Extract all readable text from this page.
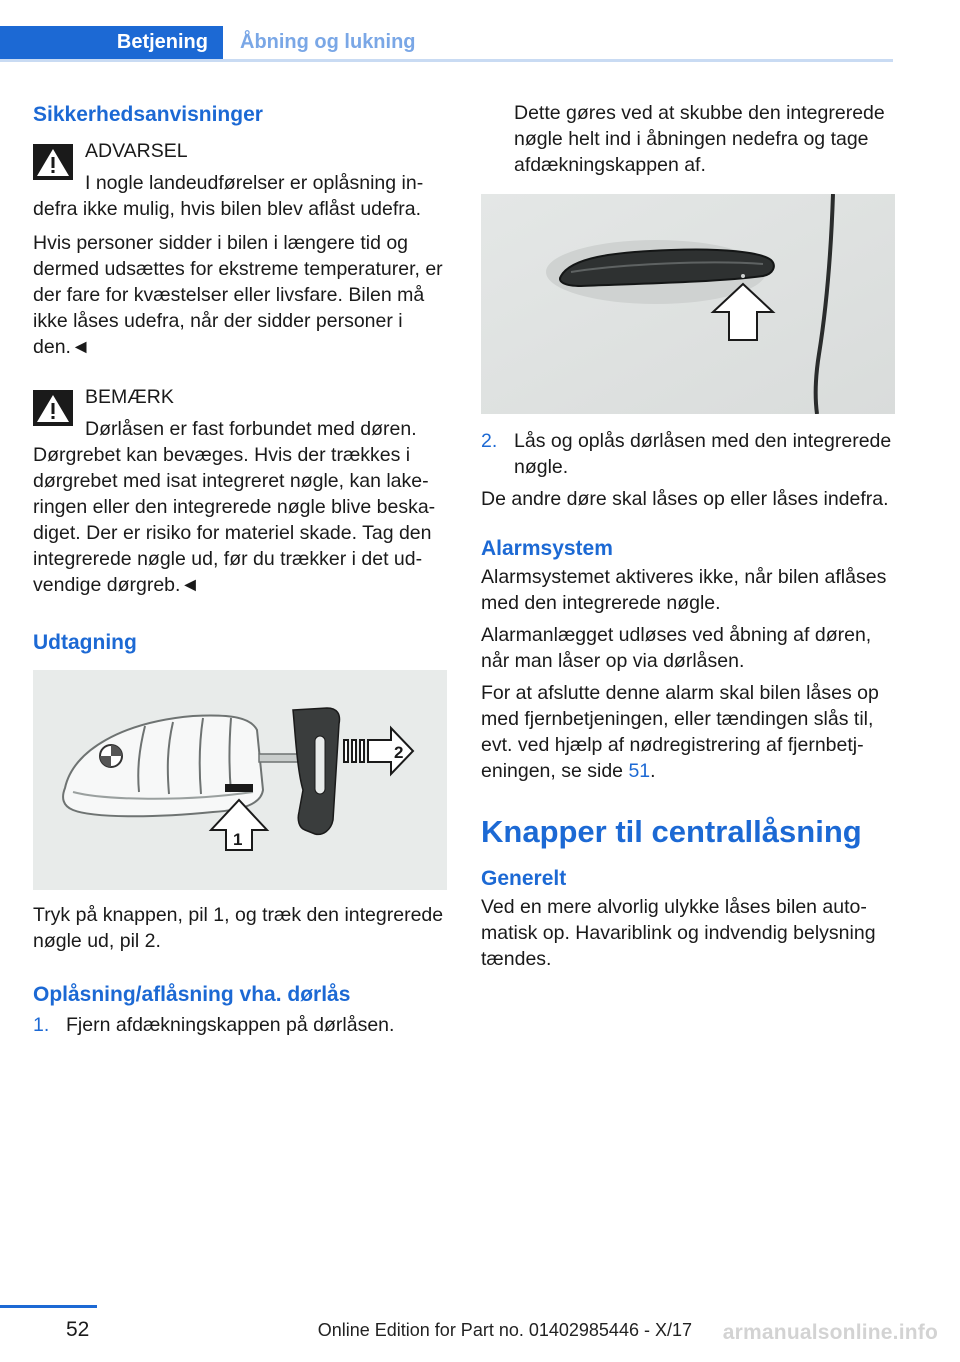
Betjening	Åbning og lukning
Sikkerhedsanvisninger
ADVARSEL

I nogle landeudførelser er oplåsning indefra ikke mulig, hvis bilen blev aflåst udefra.

Hvis personer sidder i bilen i længere tid og dermed udsættes for ekstreme temperaturer, er der fare for kvæstelser eller livsfare. Bilen må ikke låses udefra, når der sidder personer i den.◄

BEMÆRK

Dørlåsen er fast forbundet med døren. Dørgrebet kan bevæges. Hvis der trækkes i dørgrebet med isat integreret nøgle, kan lakeringen eller den integrerede nøgle blive beskadiget. Der er risiko for materiel skade. Tag den integrerede nøgle ud, før du trækker i det udvendige dørgreb.◄

Udtagning
2
1

Tryk på knappen, pil 1, og træk den integrerede nøgle ud, pil 2.

Oplåsning/aflåsning vha. dørlås
1. Fjern afdækningskappen på dørlåsen.

Dette gøres ved at skubbe den integrerede nøgle helt ind i åbningen nedefra og tage afdækningskappen af.

2. Lås og oplås dørlåsen med den integrerede nøgle.

De andre døre skal låses op eller låses indefra.

Alarmsystem

Alarmsystemet aktiveres ikke, når bilen aflåses med den integrerede nøgle.

Alarmanlægget udløses ved åbning af døren, når man låser op via dørlåsen.

For at afslutte denne alarm skal bilen låses op med fjernbetjeningen, eller tændingen slås til, evt. ved hjælp af nødregistrering af fjernbetjeningen, se side 51.

Knapper til centrallåsning
Generelt

Ved en mere alvorlig ulykke låses bilen automatisk op. Havariblink og indvendig belysning tændes.

52	Online Edition for Part no. 01402985446 - X/17 armanualsonline.info
